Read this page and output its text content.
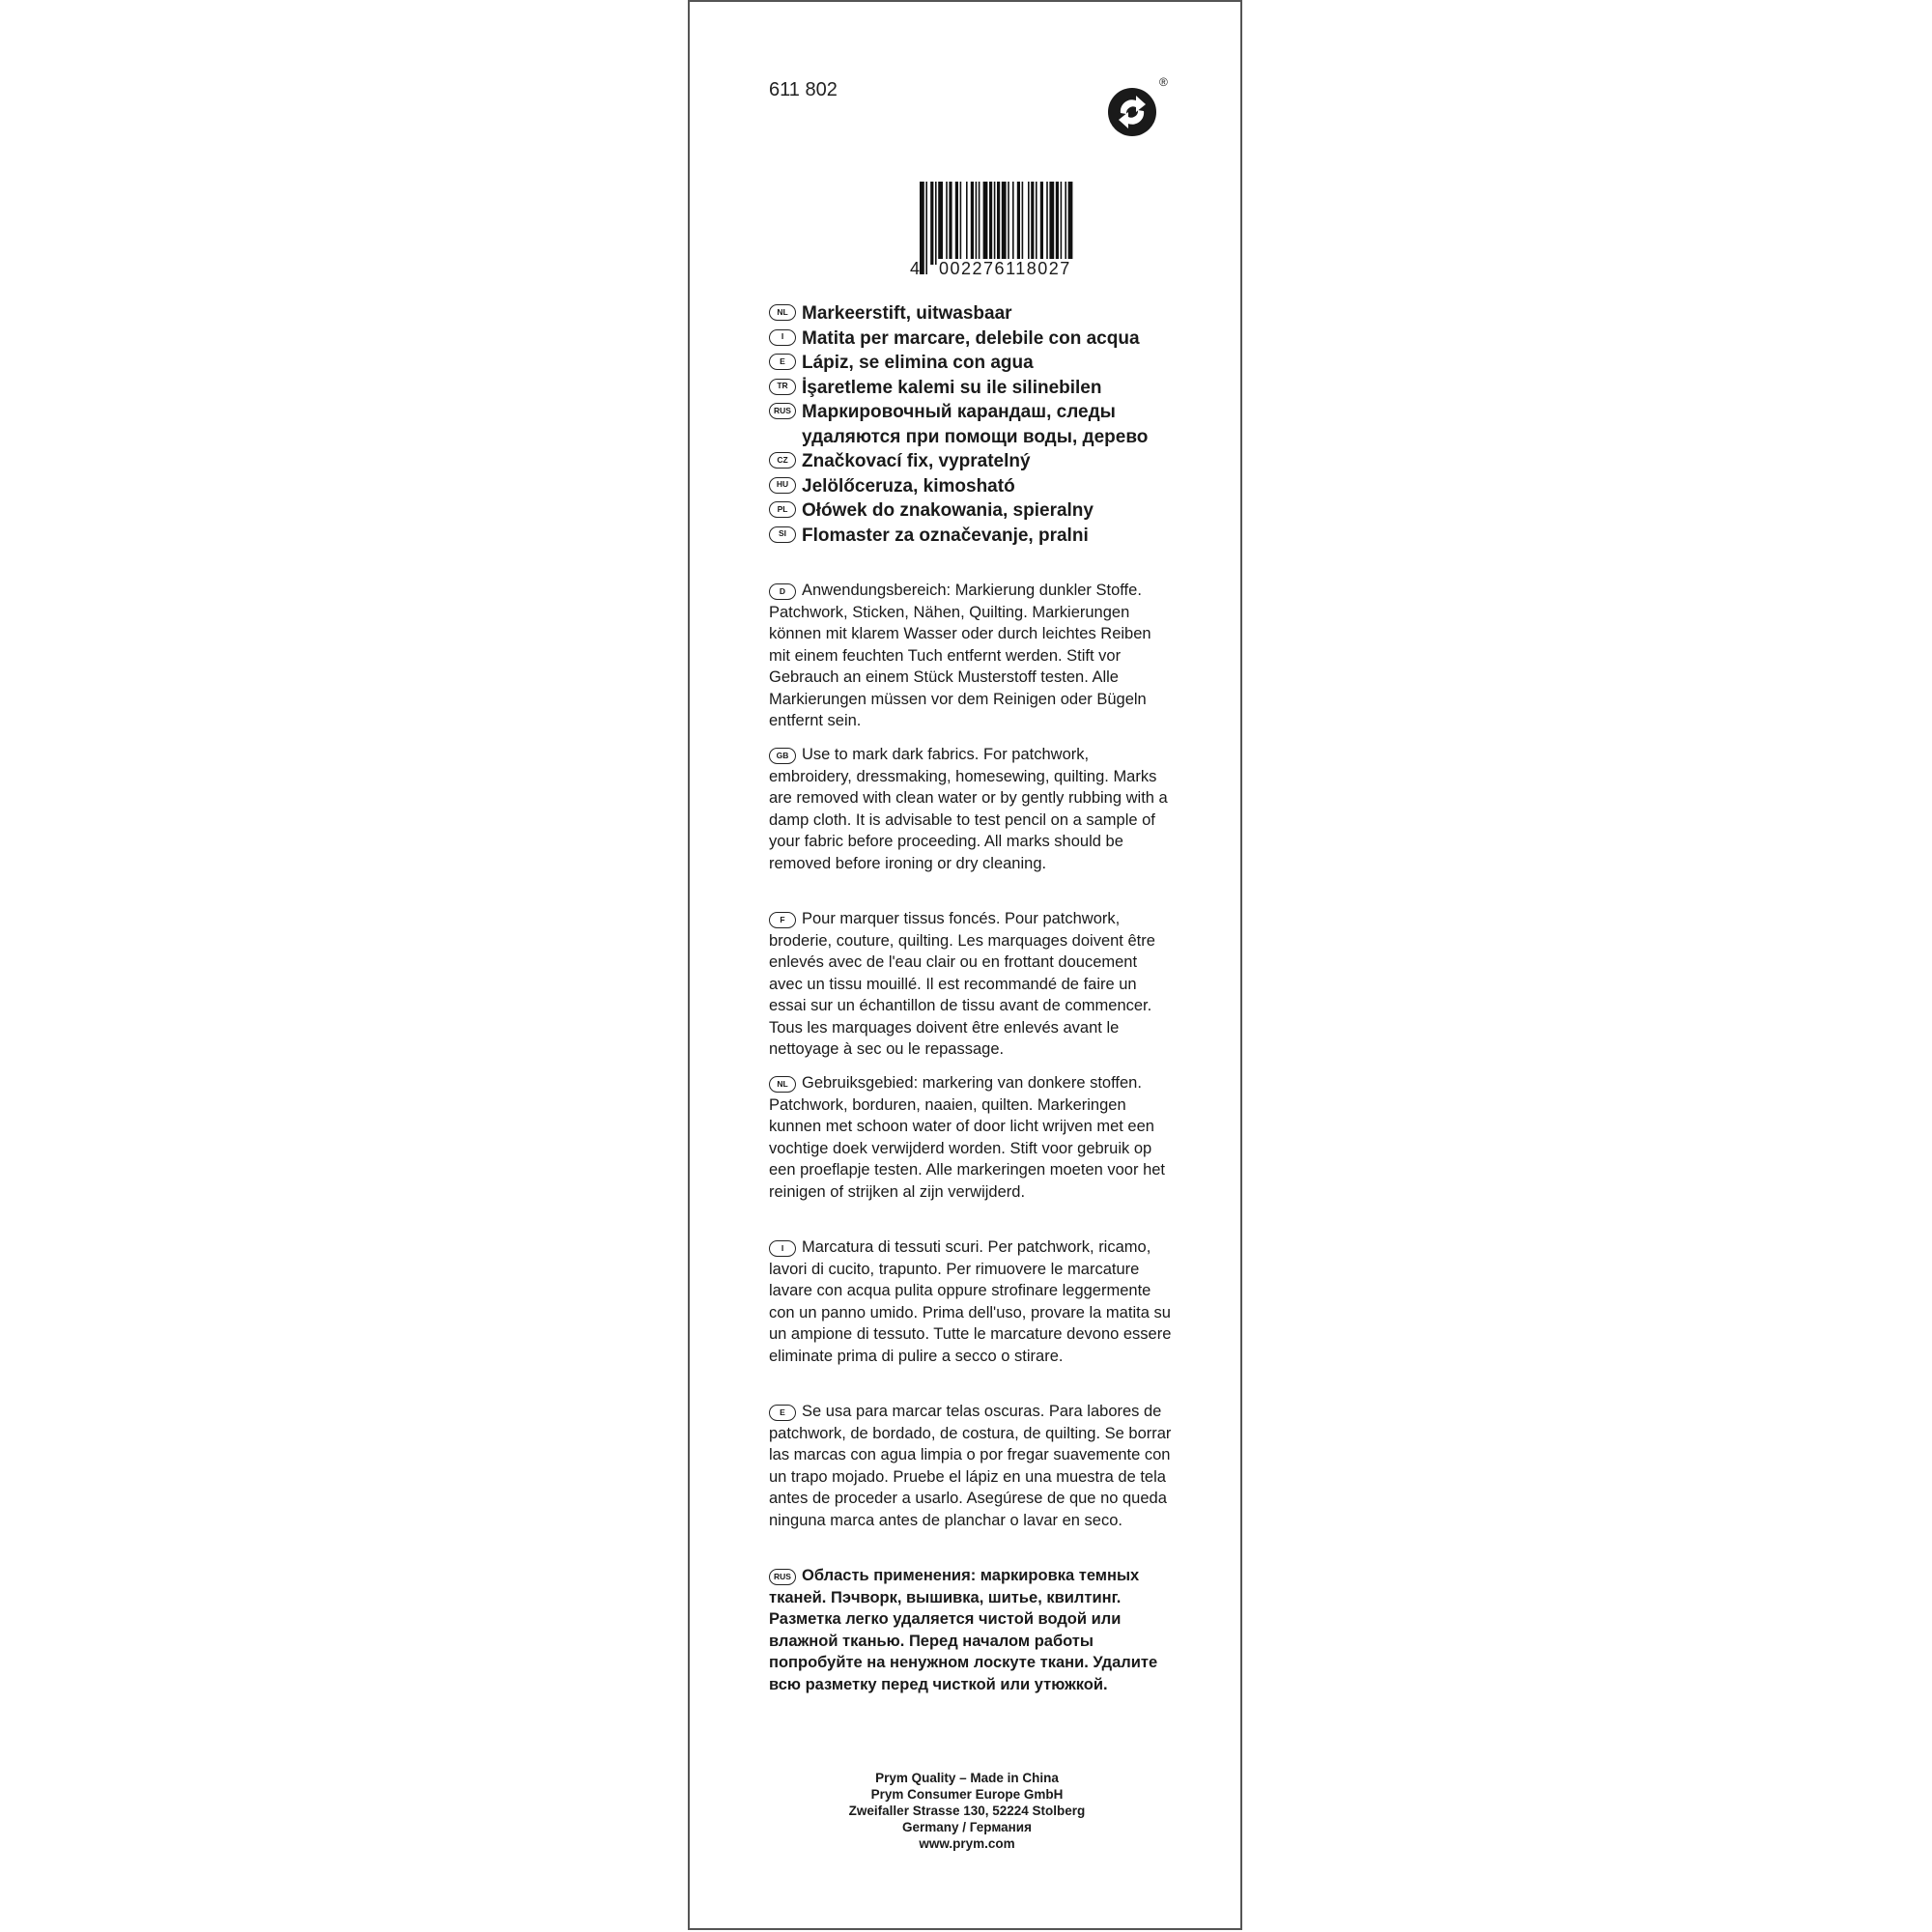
611 802	®
4 002276118027
NL Markeerstift, uitwasbaar
I Matita per marcare, delebile con acqua
E Lápiz, se elimina con agua
TR İşaretleme kalemi su ile silinebilen
RUS Маркировочный карандаш, следы удаляются при помощи воды, дерево
CZ Značkovací fix, vypratelný
HU Jelölőceruza, kimosható
PL Ołówek do znakowania, spieralny
SI Flomaster za označevanje, pralni

D Anwendungsbereich: Markierung dunkler Stoffe. Patchwork, Sticken, Nähen, Quilting. Markierungen können mit klarem Wasser oder durch leichtes Reiben mit einem feuchten Tuch entfernt werden. Stift vor Gebrauch an einem Stück Musterstoff testen. Alle Markierungen müssen vor dem Reinigen oder Bügeln entfernt sein.

GB Use to mark dark fabrics. For patchwork, embroidery, dressmaking, homesewing, quilting. Marks are removed with clean water or by gently rubbing with a damp cloth. It is advisable to test pencil on a sample of your fabric before proceeding. All marks should be removed before ironing or dry cleaning.

F Pour marquer tissus foncés. Pour patchwork, broderie, couture, quilting. Les marquages doivent être enlevés avec de l'eau clair ou en frottant doucement avec un tissu mouillé. Il est recommandé de faire un essai sur un échantillon de tissu avant de commencer. Tous les marquages doivent être enlevés avant le nettoyage à sec ou le repassage.

NL Gebruiksgebied: markering van donkere stoffen. Patchwork, borduren, naaien, quilten. Markeringen kunnen met schoon water of door licht wrijven met een vochtige doek verwijderd worden. Stift voor gebruik op een proeflapje testen. Alle markeringen moeten voor het reinigen of strijken al zijn verwijderd.

I Marcatura di tessuti scuri. Per patchwork, ricamo, lavori di cucito, trapunto. Per rimuovere le marcature lavare con acqua pulita oppure strofinare leggermente con un panno umido. Prima dell'uso, provare la matita su un ampione di tessuto. Tutte le marcature devono essere eliminate prima di pulire a secco o stirare.

E Se usa para marcar telas oscuras. Para labores de patchwork, de bordado, de costura, de quilting. Se borrar las marcas con agua limpia o por fregar suavemente con un trapo mojado. Pruebe el lápiz en una muestra de tela antes de proceder a usarlo. Asegúrese de que no queda ninguna marca antes de planchar o lavar en seco.

RUS Область применения: маркировка темных тканей. Пэчворк, вышивка, шитье, квилтинг. Разметка легко удаляется чистой водой или влажной тканью. Перед началом работы попробуйте на ненужном лоскуте ткани. Удалите всю разметку перед чисткой или утюжкой.

Prym Quality – Made in China
Prym Consumer Europe GmbH
Zweifaller Strasse 130, 52224 Stolberg
Germany / Германия
www.prym.com
